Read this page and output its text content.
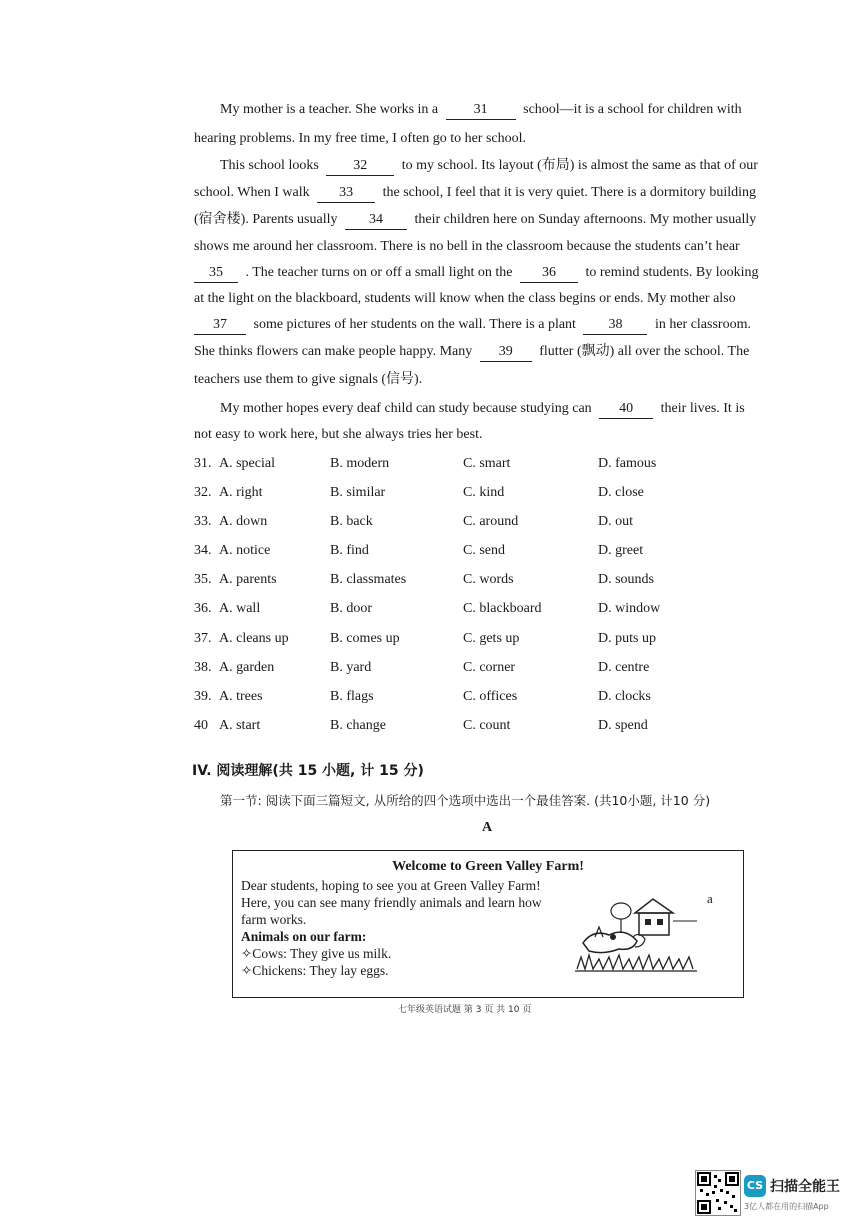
My mother is a teacher. She works in a	31	school—it is a school for children with
hearing problems. In my free time, I often go to her school.
This school looks 32 to my school. Its layout (布局) is almost the same as that of our
school. When I walk 33 the school, I feel that it is very quiet. There is a dormitory building
(宿舍楼). Parents usually 34 their children here on Sunday afternoons. My mother usually
shows me around her classroom. There is no bell in the classroom because the students can’t hear
35 . The teacher turns on or off a small light on the 36 to remind students. By looking
at the light on the blackboard, students will know when the class begins or ends. My mother also
37 some pictures of her students on the wall. There is a plant 38 in her classroom.
She thinks flowers can make people happy. Many 39 flutter (飘动) all over the school. The
teachers use them to give signals (信号).
My mother hopes every deaf child can study because studying can 40 their lives. It is
not easy to work here, but she always tries her best.
31. A. special	B. modern	C. smart	D. famous
32. A. right	B. similar	C. kind	D. close
33. A. down	B. back	C. around	D. out
34. A. notice	B. find	C. send	D. greet
35. A. parents	B. classmates	C. words	D. sounds
36. A. wall	B. door	C. blackboard	D. window
37. A. cleans up	B. comes up	C. gets up	D. puts up
38. A. garden	B. yard	C. corner	D. centre
39. A. trees	B. flags	C. offices	D. clocks
40 A. start	B. change	C. count	D. spend
IV. 阅读理解(共 15 小题, 计 15 分)
第一节: 阅读下面三篇短文, 从所给的四个选项中选出一个最佳答案. (共10小题, 计10 分)
A
Welcome to Green Valley Farm!
Dear students, hoping to see you at Green Valley Farm!
Here, you can see many friendly animals and learn how
farm works.
Animals on our farm:
✧Cows: They give us milk.
✧Chickens: They lay eggs.
a
七年级英语试题 第 3 页 共 10 页
CS 扫描全能王
3亿人都在用的扫描App
